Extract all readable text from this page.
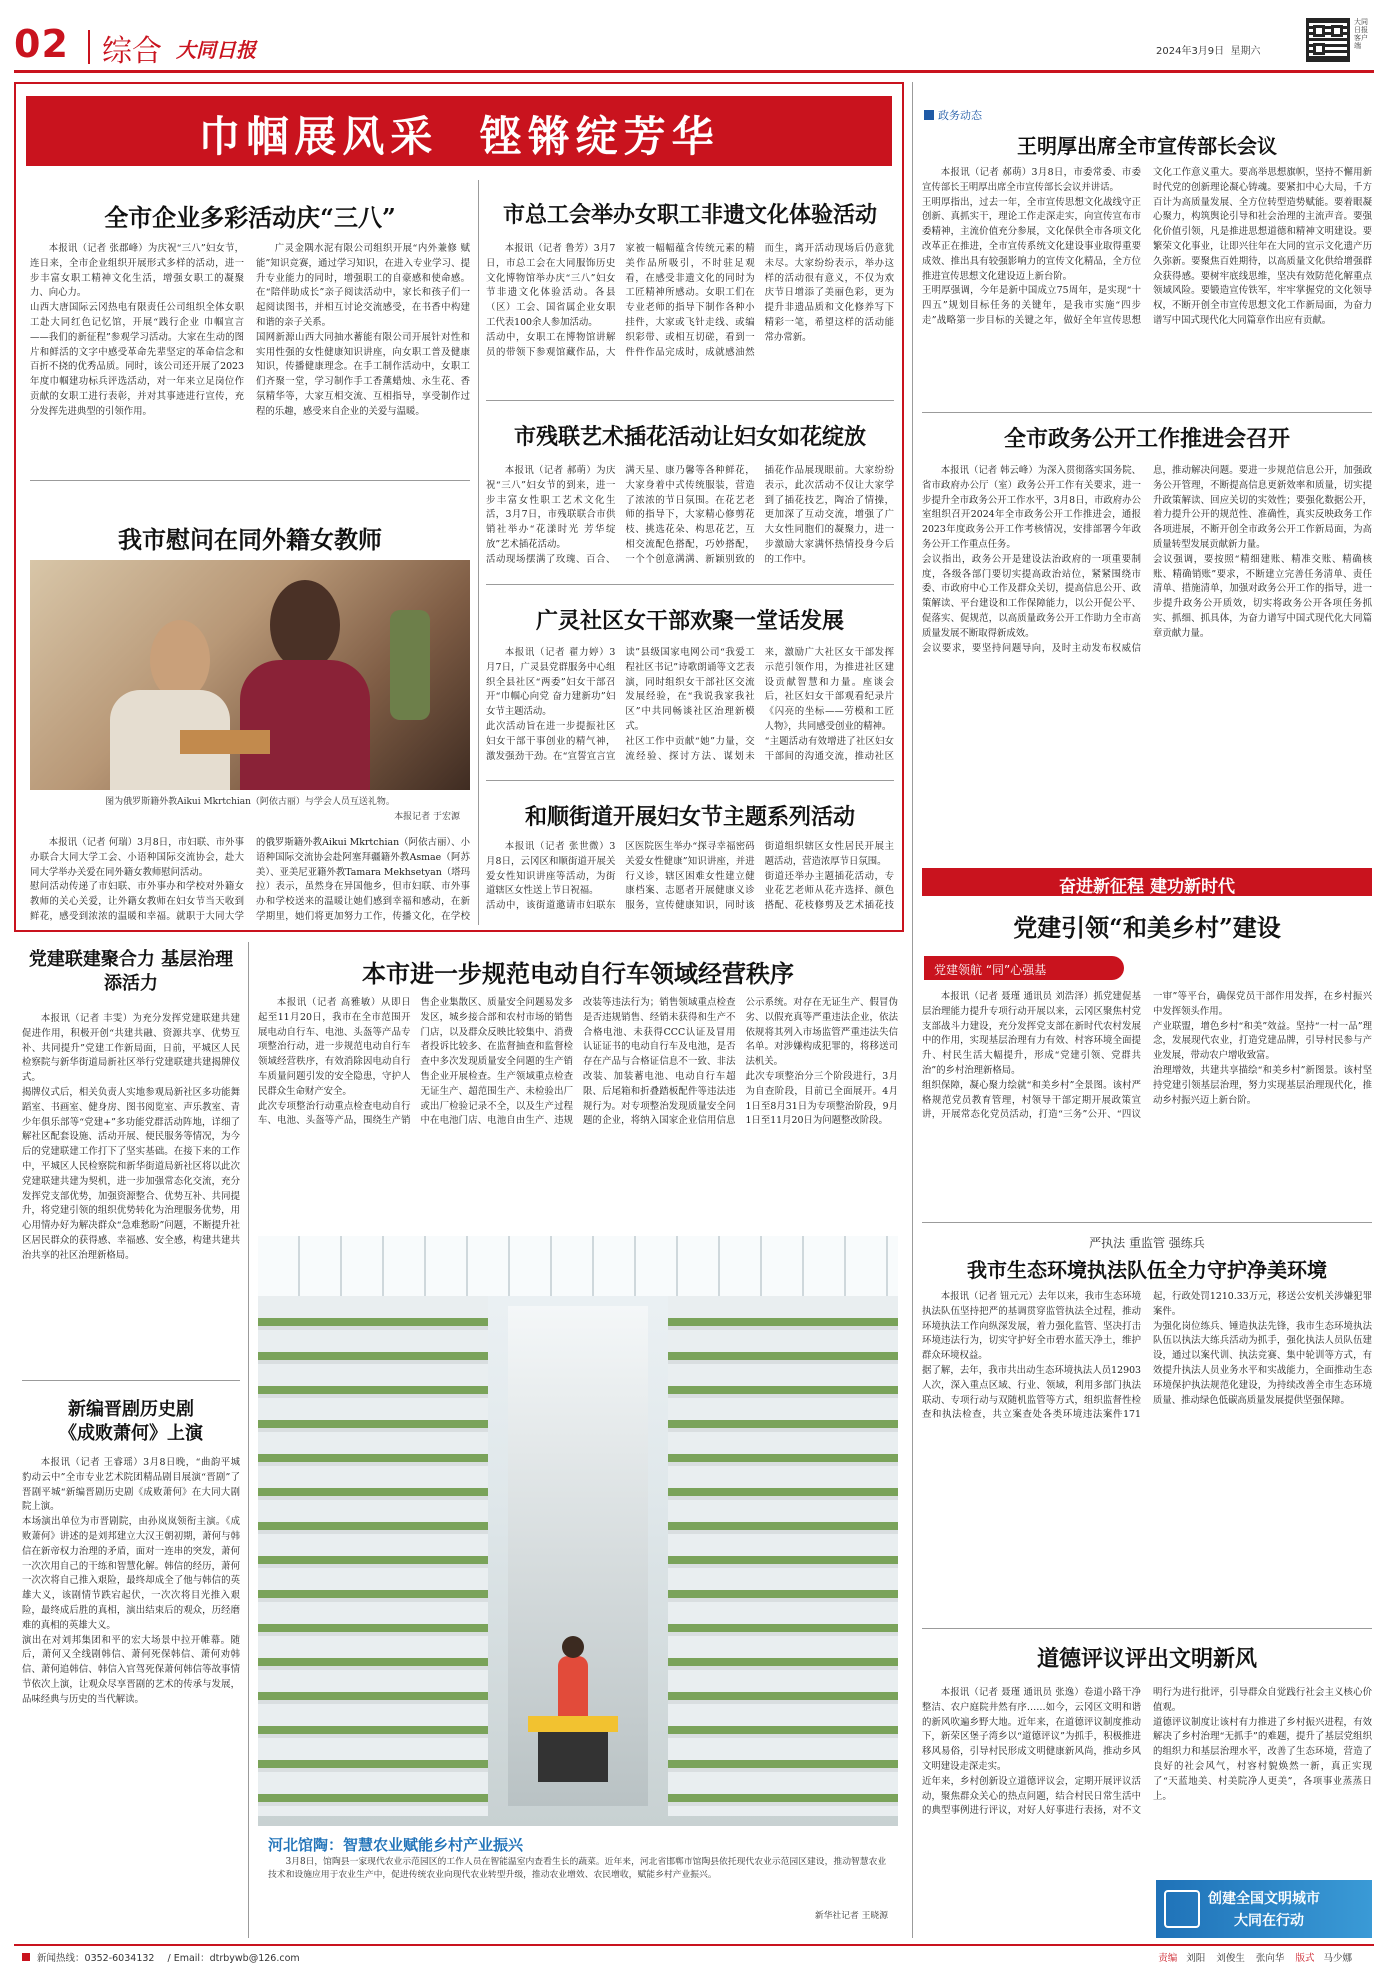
02 综合 大同日报	2024年3月9日 星期六
大同日报客户端
巾帼展风采  铿锵绽芳华
全市企业多彩活动庆“三八”
本报讯（记者 张郡峰）为庆祝“三八”妇女节，连日来，全市企业组织开展形式多样的活动，进一步丰富女职工精神文化生活，增强女职工的凝聚力、向心力。
山西大唐国际云冈热电有限责任公司组织全体女职工赴大同红色记忆馆，开展“践行企业 巾帼宣言——我们的新征程”参观学习活动。大家在生动的图片和鲜活的文字中感受革命先辈坚定的革命信念和百折不挠的优秀品质。同时，该公司还开展了2023年度巾帼建功标兵评选活动，对一年来立足岗位作贡献的女职工进行表彰，并对其事迹进行宣传，充分发挥先进典型的引领作用。
广灵金隅水泥有限公司组织开展“内外兼修 赋能”知识竞赛，通过学习知识，在进入专业学习、提升专业能力的同时，增强职工的自豪感和使命感。在“陪伴助成长”亲子阅读活动中，家长和孩子们一起阅读图书，并相互讨论交流感受，在书香中构建和谐的亲子关系。
国网新源山西大同抽水蓄能有限公司开展针对性和实用性强的女性健康知识讲座，向女职工普及健康知识，传播健康理念。在手工制作活动中，女职工们齐聚一堂，学习制作手工香薰蜡烛、永生花、香氛精华等，大家互相交流、互相指导，享受制作过程的乐趣，感受来自企业的关爱与温暖。
我市慰问在同外籍女教师
图为俄罗斯籍外教Aikui Mkrtchian（阿依古丽）与学会人员互送礼物。
本报记者 于宏源
本报讯（记者 何瑞）3月8日，市妇联、市外事办联合大同大学工会、小语种国际交流协会，赴大同大学举办关爱在同外籍女教师慰问活动。
慰问活动传递了市妇联、市外事办和学校对外籍女教师的关心关爱，让外籍女教师在妇女节当天收到鲜花，感受到浓浓的温暖和幸福。就职于大同大学的俄罗斯籍外教Aikui Mkrtchian（阿依古丽）、小语种国际交流协会赴阿塞拜疆籍外教Asmae（阿苏美）、亚美尼亚籍外教Tamara Mekhsetyan（塔玛拉）表示，虽然身在异国他乡，但市妇联、市外事办和学校送来的温暖让她们感到幸福和感动，在新学期里，她们将更加努力工作，传播文化，在学校

市总工会举办女职工非遗文化体验活动
本报讯（记者 鲁芳）3月7日，市总工会在大同服饰历史文化博物馆举办庆“三八”妇女节非遗文化体验活动。各县（区）工会、国省属企业女职工代表100余人参加活动。
活动中，女职工在博物馆讲解员的带领下参观馆藏作品，大家被一幅幅蕴含传统元素的精美作品所吸引，不时驻足观看，在感受非遗文化的同时为工匠精神所感动。女职工们在专业老师的指导下制作各种小挂件，大家或飞针走线、或编织彩带、或相互切磋，看到一件件作品完成时，成就感油然而生，离开活动现场后仍意犹未尽。大家纷纷表示，举办这样的活动很有意义，不仅为欢庆节日增添了美丽色彩，更为提升非遗品质和文化修养写下精彩一笔，希望这样的活动能常办常新。
市残联艺术插花活动让妇女如花绽放
本报讯（记者 郝萌）为庆祝“三八”妇女节的到来，进一步丰富女性职工艺术文化生活，3月7日，市残联联合市供销社举办“花漾时光 芳华绽放”艺术插花活动。
活动现场摆满了玫瑰、百合、满天星、康乃馨等各种鲜花，大家身着中式传统服装，营造了浓浓的节日氛围。在花艺老师的指导下，大家精心修剪花枝、挑选花朵、构思花艺，互相交流配色搭配，巧妙搭配，一个个创意满满、新颖别致的插花作品展现眼前。大家纷纷表示，此次活动不仅让大家学到了插花技艺，陶冶了情操，更加深了互动交流，增强了广大女性同胞们的凝聚力，进一步激励大家满怀热情投身今后的工作中。
广灵社区女干部欢聚一堂话发展
本报讯（记者 翟力婷）3月7日，广灵县党群服务中心组织全县社区“两委”妇女干部召开“巾帼心向党 奋力建新功”妇女节主题活动。
此次活动旨在进一步提振社区妇女干部干事创业的精气神，激发强劲干劲。在“宣誓宣言宣读”县级国家电网公司“我爱工程社区书记”诗歌朗诵等文艺表演，同时组织女干部社区交流发展经验，在“我说我家我社区”中共同畅谈社区治理新模式。
社区工作中贡献“她”力量，交流经验、探讨方法、谋划未来，激励广大社区女干部发挥示范引领作用，为推进社区建设贡献智慧和力量。座谈会后，社区妇女干部观看纪录片《闪亮的坐标——劳模和工匠人物》，共同感受创业的精神。
“主题活动有效增进了社区妇女干部间的沟通交流，推动社区
和顺街道开展妇女节主题系列活动
本报讯（记者 张世微）3月8日，云冈区和顺街道开展关爱女性知识讲座等活动，为街道辖区女性送上节日祝福。
活动中，该街道邀请市妇联东区医院医生举办“探寻幸福密码 关爱女性健康”知识讲座，并进行义诊，辖区困难女性建立健康档案、志愿者开展健康义诊服务，宣传健康知识，同时该街道组织辖区女性居民开展主题活动，营造浓厚节日氛围。
街道还举办主题插花活动，专业花艺老师从花卉选择、颜色搭配、花枝修剪及艺术插花技
党建联建聚合力 基层治理添活力
本报讯（记者 丰雯）为充分发挥党建联建共建促进作用，积极开创“共建共融、资源共享、优势互补、共同提升”党建工作新局面，日前，平城区人民检察院与新华街道局新社区举行党建联建共建揭牌仪式。
揭牌仪式后，相关负责人实地参观局新社区多功能舞蹈室、书画室、健身房、图书阅览室、声乐教室、青少年俱乐部等“党建+”多功能党群活动阵地，详细了解社区配套设施、活动开展、便民服务等情况，为今后的党建联建工作打下了坚实基础。在接下来的工作中，平城区人民检察院和新华街道局新社区将以此次党建联建共建为契机，进一步加强常态化交流，充分发挥党支部优势，加强资源整合、优势互补、共同提升，将党建引领的组织优势转化为治理服务优势，用心用情办好为解决群众“急难愁盼”问题，不断提升社区居民群众的获得感、幸福感、安全感，构建共建共治共享的社区治理新格局。
新编晋剧历史剧
《成败萧何》上演
本报讯（记者 王睿瑶）3月8日晚，“曲韵平城 豹动云中”全市专业艺术院团精品剧目展演“晋剧”了晋剧平城“新编晋剧历史剧《成败萧何》在大同大剧院上演。
本场演出单位为市晋剧院，由孙岚岚领衔主演。《成败萧何》讲述的是刘邦建立大汉王朝初期，萧何与韩信在新帝权力治理的矛盾，面对一连串的突发，萧何一次次用自己的干练和智慧化解。韩信的经历，萧何一次次将自己推入艰险，最终却成全了他与韩信的英雄大义，该剧情节跌宕起伏，一次次将目光推入艰险，最终成后胜的真相，演出结束后的观众，历经磨难的真相的英雄大义。
演出在对刘邦集团和平的宏大场景中拉开帷幕。随后，萧何又全线剧韩信、萧何死保韩信、萧何劝韩信、萧何追韩信、韩信入官驾死保萧何韩信等故事情节依次上演，让观众尽享晋剧的艺术的传承与发展，品味经典与历史的当代解读。
本市进一步规范电动自行车领域经营秩序
本报讯（记者 高雅敏）从即日起至11月20日，我市在全市范围开展电动自行车、电池、头盔等产品专项整治行动，进一步规范电动自行车领域经营秩序，有效消除因电动自行车质量问题引发的安全隐患，守护人民群众生命财产安全。
此次专项整治行动重点检查电动自行车、电池、头盔等产品，围绕生产销售企业集散区、质量安全问题易发多发区，城乡接合部和农村市场的销售门店，以及群众反映比较集中、消费者投诉比较多、在监督抽查和监督检查中多次发现质量安全问题的生产销售企业开展检查。生产领域重点检查无证生产、超范围生产、未检验出厂或出厂检验记录不全，以及生产过程中在电池门店、电池自由生产、违规改装等违法行为；销售领域重点检查是否违规销售、经销未获得和生产不合格电池、未获得CCC认证及冒用认证证书的电动自行车及电池，是否存在产品与合格证信息不一致、非法改装、加装蓄电池、电动自行车超限、后尾箱和折叠踏板配件等违法违规行为。对专项整治发现质量安全问题的企业，将纳入国家企业信用信息公示系统。对存在无证生产、假冒伪劣、以假充真等严重违法企业，依法依规将其列入市场监管严重违法失信名单。对涉嫌构成犯罪的，将移送司法机关。
此次专项整治分三个阶段进行，3月为自查阶段，目前已全面展开。4月1日至8月31日为专项整治阶段，9月1日至11月20日为问题整改阶段。
河北馆陶：智慧农业赋能乡村产业振兴
3月8日，馆陶县一家现代农业示范园区的工作人员在智能温室内查看生长的蔬菜。近年来，河北省邯郸市馆陶县依托现代农业示范园区建设，推动智慧农业技术和设施应用于农业生产中，促进传统农业向现代农业转型升级，推动农业增效、农民增收，赋能乡村产业振兴。
新华社记者 王晓源
政务动态
王明厚出席全市宣传部长会议
本报讯（记者 郝萌）3月8日，市委常委、市委宣传部长王明厚出席全市宣传部长会议并讲话。
王明厚指出，过去一年，全市宣传思想文化战线守正创新、真抓实干，理论工作走深走实，向宣传宣布市委精神，主流价值充分参展，文化保供全市各项文化改革正在推进，全市宣传系统文化建设事业取得重要成效、推出具有较强影响力的宣传文化精品，全方位推进宣传思想文化建设迈上新台阶。
王明厚强调，今年是新中国成立75周年，是实现“十四五”规划目标任务的关键年，是我市实施“四步走”战略第一步目标的关键之年，做好全年宣传思想文化工作意义重大。要高举思想旗帜，坚持不懈用新时代党的创新理论凝心铸魂。要紧扣中心大局，千方百计为高质量发展、全方位转型造势赋能。要着眼凝心聚力，构筑舆论引导和社会治理的主流声音。要强化价值引领，凡是推进思想道德和精神文明建设。要繁荣文化事业，让即兴往年在大同的宣示文化遗产历久弥新。要聚焦百姓期待，以高质量文化供给增强群众获得感。要树牢底线思维，坚决有效防范化解重点领域风险。要锻造宣传铁军，牢牢掌握党的文化领导权，不断开创全市宣传思想文化工作新局面，为奋力谱写中国式现代化大同篇章作出应有贡献。
全市政务公开工作推进会召开
本报讯（记者 韩云峰）为深入贯彻落实国务院、省市政府办公厅（室）政务公开工作有关要求，进一步提升全市政务公开工作水平，3月8日，市政府办公室组织召开2024年全市政务公开工作推进会，通报2023年度政务公开工作考核情况，安排部署今年政务公开工作重点任务。
会议指出，政务公开是建设法治政府的一项重要制度，各级各部门要切实提高政治站位，紧紧围绕市委、市政府中心工作及群众关切，提高信息公开、政策解读、平台建设和工作保障能力，以公开促公平、促落实、促规范，以高质量政务公开工作助力全市高质量发展不断取得新成效。
会议要求，要坚持问题导向，及时主动发布权威信息，推动解决问题。要进一步规范信息公开，加强政务公开管理，不断提高信息更新效率和质量，切实提升政策解读、回应关切的实效性；要强化数据公开，着力提升公开的规范性、准确性，真实反映政务工作各项进展，不断开创全市政务公开工作新局面，为高质量转型发展贡献新力量。
会议强调，要按照“精细建账、精准交账、精确核账、精确销账”要求，不断建立完善任务清单、责任清单、措施清单，加强对政务公开工作的指导，进一步提升政务公开质效，切实将政务公开各项任务抓实、抓细、抓具体，为奋力谱写中国式现代化大同篇章贡献力量。
奋进新征程 建功新时代
党建引领“和美乡村”建设
党建领航 “同”心强基
本报讯（记者 聂瑾 通讯员 刘浩泽）抓党建促基层治理能力提升专项行动开展以来，云冈区聚焦村党支部战斗力建设，充分发挥党支部在新时代农村发展中的作用，实现基层治理有力有效、村容环境全面提升、村民生活大幅提升，形成“党建引领、党群共治”的乡村治理新格局。
组织保障，凝心聚力绘就“和美乡村”全景图。该村严格规范党员教育管理，村领导干部定期开展政策宣讲，开展常态化党员活动，打造“三务”公开、“四议一审”等平台，确保党员干部作用发挥，在乡村振兴中发挥领头作用。
产业联盟，增色乡村“和美”效益。坚持“一村一品”理念，发展现代农业，打造党建品牌，引导村民参与产业发展，带动农户增收致富。
治理增效，共建共享描绘“和美乡村”新图景。该村坚持党建引领基层治理，努力实现基层治理现代化，推动乡村振兴迈上新台阶。
严执法 重监管 强练兵
我市生态环境执法队伍全力守护净美环境
本报讯（记者 钮元元）去年以来，我市生态环境执法队伍坚持把严的基调贯穿监管执法全过程，推动环境执法工作向纵深发展，着力强化监管、坚决打击环境违法行为，切实守护好全市碧水蓝天净土，维护群众环境权益。
据了解，去年，我市共出动生态环境执法人员12903人次，深入重点区域、行业、领域，利用多部门执法联动、专项行动与双随机监管等方式，组织监督性检查和执法检查，共立案查处各类环境违法案件171起，行政处罚1210.33万元，移送公安机关涉嫌犯罪案件。
为强化岗位练兵、锤造执法先锋，我市生态环境执法队伍以执法大练兵活动为抓手，强化执法人员队伍建设，通过以案代训、执法竞赛、集中轮训等方式，有效提升执法人员业务水平和实战能力，全面推动生态环境保护执法规范化建设，为持续改善全市生态环境质量、推动绿色低碳高质量发展提供坚强保障。
道德评议评出文明新风
本报讯（记者 聂瑾 通讯员 张逸）卷道小路干净整洁、农户庭院井然有序……如今，云冈区文明和谐的新风吹遍乡野大地。近年来，在道德评议制度推动下，新荣区堡子湾乡以“道德评议”为抓手，积极推进移风易俗，引导村民形成文明健康新风尚，推动乡风文明建设走深走实。
近年来，乡村创新设立道德评议会，定期开展评议活动，聚焦群众关心的热点问题，结合村民日常生活中的典型事例进行评议，对好人好事进行表扬，对不文明行为进行批评，引导群众自觉践行社会主义核心价值观。
道德评议制度让该村有力推进了乡村振兴进程，有效解决了乡村治理“无抓手”的难题，提升了基层党组织的组织力和基层治理水平，改善了生态环境，营造了良好的社会风气，村容村貌焕然一新，真正实现了“天蓝地美、村美院净人更美”，各项事业蒸蒸日上。
创建全国文明城市
大同在行动
新闻热线：0352-6034132 / Email：dtrbywb@126.com	责编 刘阳 刘俊生 张向华 版式 马少娜
